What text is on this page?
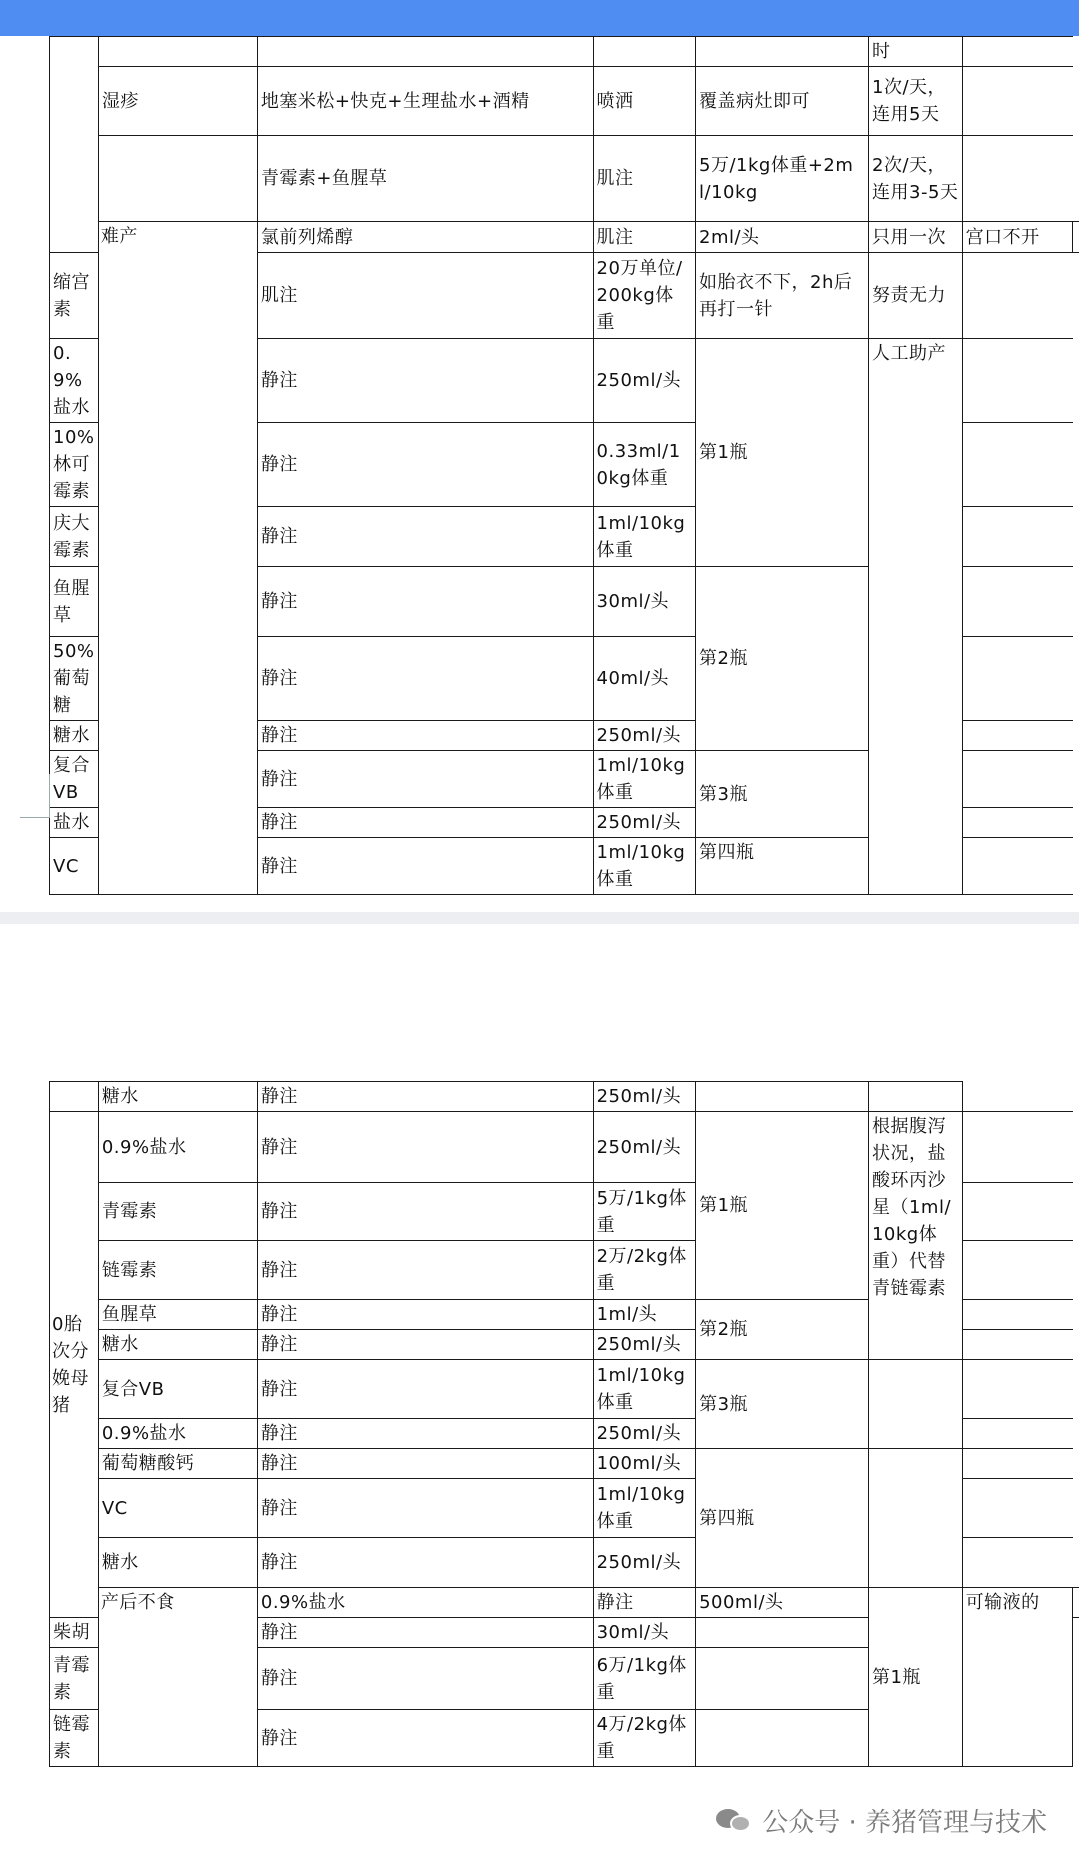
					时		
	湿疹	地塞米松+快克+生理盐水+酒精	喷洒	覆盖病灶即可	1次/天，连用5天		
		青霉素+鱼腥草	肌注	5万/1kg体重+2ml/10kg	2次/天，连用3-5天		
	难产	氯前列烯醇	肌注	2ml/头	只用一次	宫口不开	
缩宫素		肌注	20万单位/200kg体重	如胎衣不下，2h后再打一针	努责无力		
0.9%盐水		静注	250ml/头	第1瓶	人工助产		
10%林可霉素		静注	0.33ml/10kg体重				
庆大霉素		静注	1ml/10kg体重				
鱼腥草		静注	30ml/头	第2瓶			
50%葡萄糖		静注	40ml/头				
糖水		静注	250ml/头				
复合VB		静注	1ml/10kg体重	第3瓶			
盐水		静注	250ml/头				
VC		静注	1ml/10kg体重	第四瓶			
	糖水	静注	250ml/头				
0胎次分娩母猪	0.9%盐水	静注	250ml/头	第1瓶	根据腹泻状况，盐酸环丙沙星（1ml/10kg体重）代替青链霉素		
	青霉素	静注	5万/1kg体重				
	链霉素	静注	2万/2kg体重				
	鱼腥草	静注	1ml/头	第2瓶			
	糖水	静注	250ml/头				
	复合VB	静注	1ml/10kg体重	第3瓶			
	0.9%盐水	静注	250ml/头				
	葡萄糖酸钙	静注	100ml/头	第四瓶			
	VC	静注	1ml/10kg体重				
	糖水	静注	250ml/头				
	产后不食	0.9%盐水	静注	500ml/头	第1瓶	可输液的	
柴胡		静注	30ml/头				
青霉素		静注	6万/1kg体重				
链霉素		静注	4万/2kg体重				
公众号 · 养猪管理与技术
